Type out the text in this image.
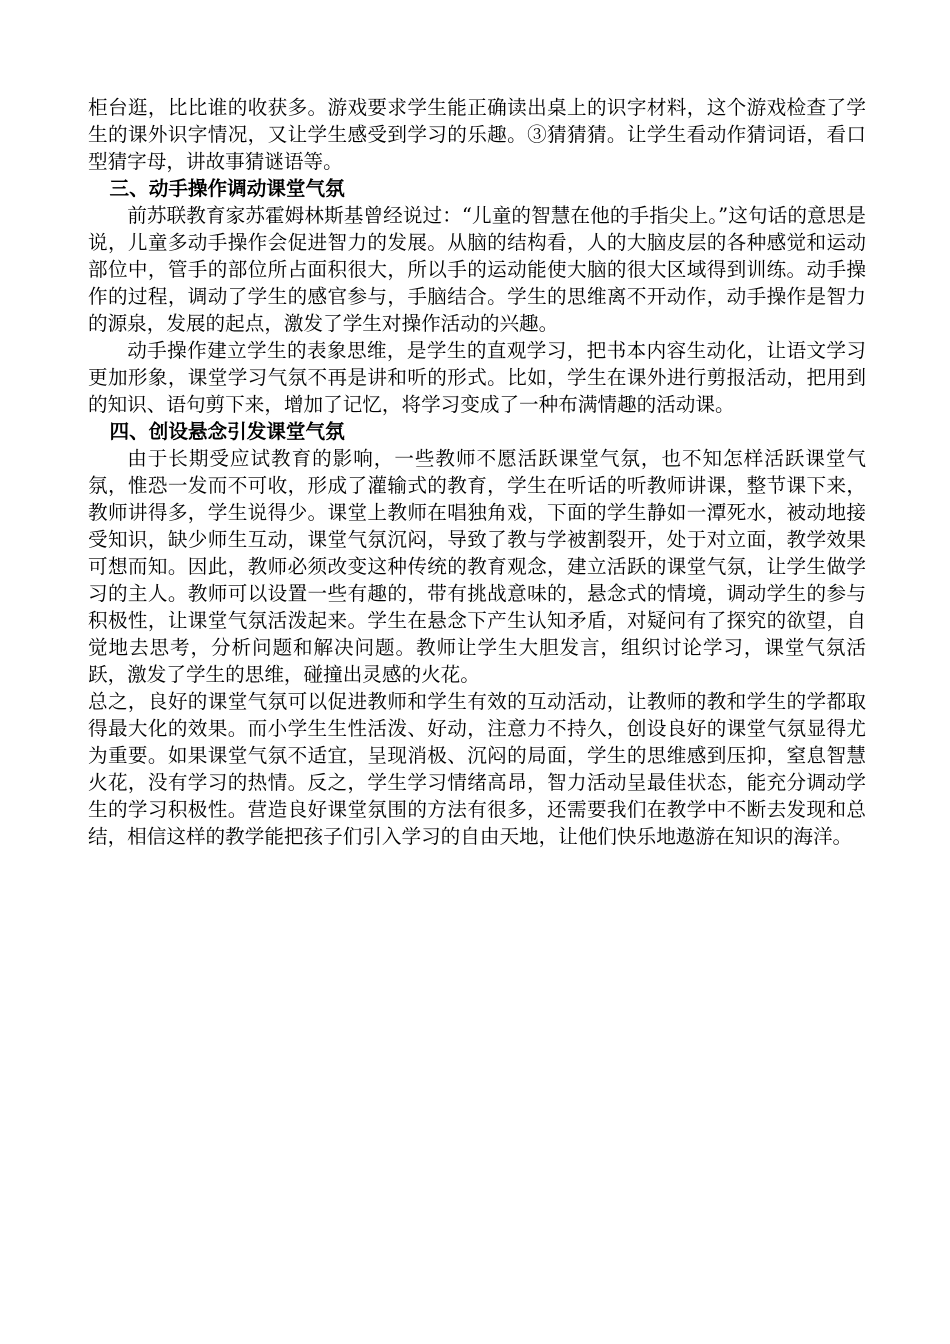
柜台逛，比比谁的收获多。游戏要求学生能正确读出桌上的识字材料，这个游戏检查了学生的课外识字情况，又让学生感受到学习的乐趣。③猜猜猜。让学生看动作猜词语，看口型猜字母，讲故事猜谜语等。

三、动手操作调动课堂气氛

前苏联教育家苏霍姆林斯基曾经说过：“儿童的智慧在他的手指尖上。”这句话的意思是说，儿童多动手操作会促进智力的发展。从脑的结构看，人的大脑皮层的各种感觉和运动部位中，管手的部位所占面积很大，所以手的运动能使大脑的很大区域得到训练。动手操作的过程，调动了学生的感官参与，手脑结合。学生的思维离不开动作，动手操作是智力的源泉，发展的起点，激发了学生对操作活动的兴趣。

动手操作建立学生的表象思维，是学生的直观学习，把书本内容生动化，让语文学习更加形象，课堂学习气氛不再是讲和听的形式。比如，学生在课外进行剪报活动，把用到的知识、语句剪下来，增加了记忆，将学习变成了一种布满情趣的活动课。

四、创设悬念引发课堂气氛

由于长期受应试教育的影响，一些教师不愿活跃课堂气氛，也不知怎样活跃课堂气氛，惟恐一发而不可收，形成了灌输式的教育，学生在听话的听教师讲课，整节课下来，教师讲得多，学生说得少。课堂上教师在唱独角戏，下面的学生静如一潭死水，被动地接受知识，缺少师生互动，课堂气氛沉闷，导致了教与学被割裂开，处于对立面，教学效果可想而知。因此，教师必须改变这种传统的教育观念，建立活跃的课堂气氛，让学生做学习的主人。教师可以设置一些有趣的，带有挑战意味的，悬念式的情境，调动学生的参与积极性，让课堂气氛活泼起来。学生在悬念下产生认知矛盾，对疑问有了探究的欲望，自觉地去思考，分析问题和解决问题。教师让学生大胆发言，组织讨论学习，课堂气氛活跃，激发了学生的思维，碰撞出灵感的火花。

总之，良好的课堂气氛可以促进教师和学生有效的互动活动，让教师的教和学生的学都取得最大化的效果。而小学生生性活泼、好动，注意力不持久，创设良好的课堂气氛显得尤为重要。如果课堂气氛不适宜，呈现消极、沉闷的局面，学生的思维感到压抑，窒息智慧火花，没有学习的热情。反之，学生学习情绪高昂，智力活动呈最佳状态，能充分调动学生的学习积极性。营造良好课堂氛围的方法有很多，还需要我们在教学中不断去发现和总结，相信这样的教学能把孩子们引入学习的自由天地，让他们快乐地遨游在知识的海洋。
